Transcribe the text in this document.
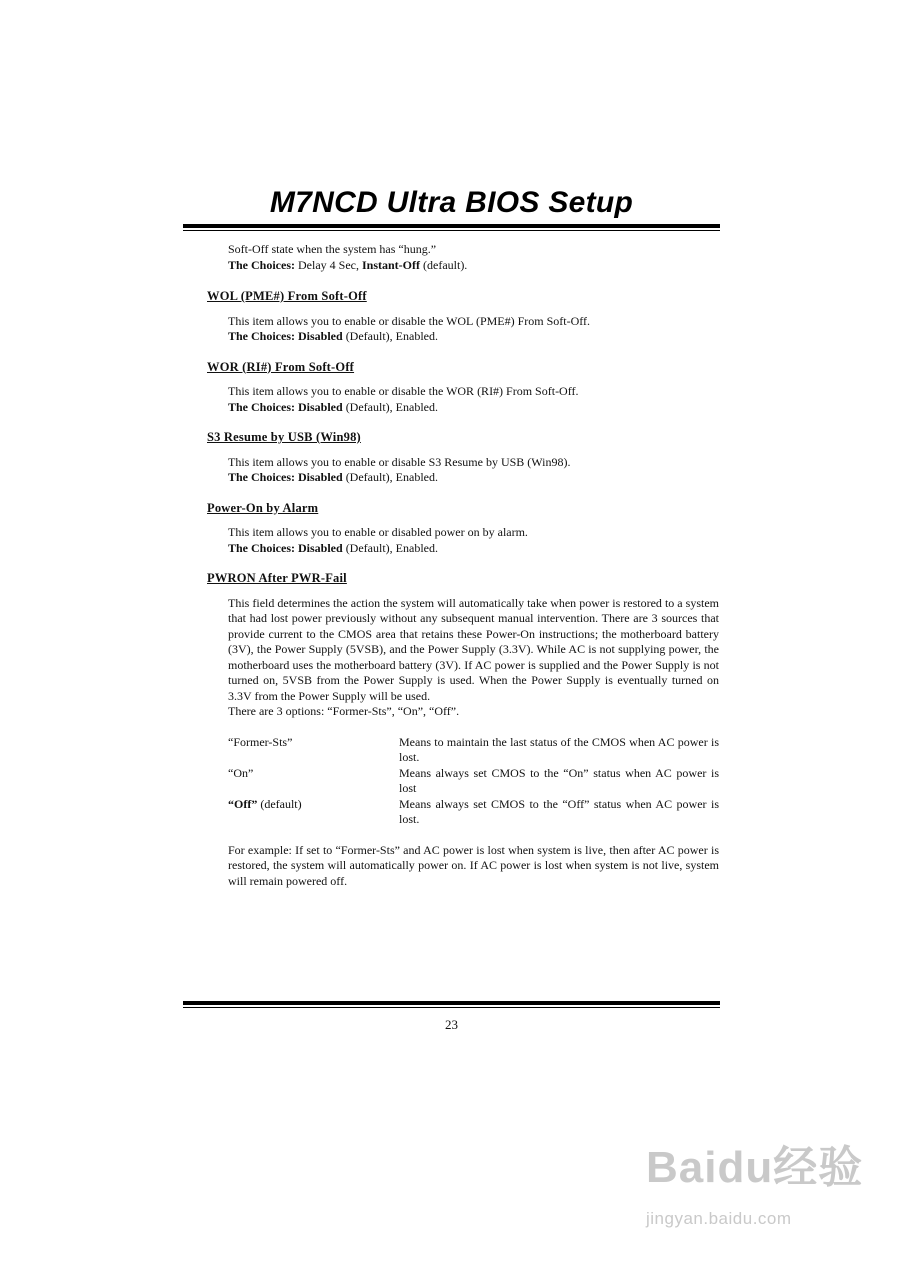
M7NCD Ultra BIOS Setup

Soft-Off state when the system has “hung.”

The Choices: Delay 4 Sec, Instant-Off (default).

WOL (PME#) From Soft-Off

This item allows you to enable or disable the WOL (PME#) From Soft-Off.

The Choices: Disabled (Default), Enabled.

WOR (RI#) From Soft-Off

This item allows you to enable or disable the WOR (RI#) From Soft-Off.

The Choices: Disabled (Default), Enabled.

S3 Resume by USB (Win98)

This item allows you to enable or disable S3 Resume by USB (Win98).

The Choices: Disabled (Default), Enabled.

Power-On by Alarm

This item allows you to enable or disabled power on by alarm.

The Choices: Disabled (Default), Enabled.

PWRON After PWR-Fail

This field determines the action the system will automatically take when power is restored to a system that had lost power previously without any subsequent manual intervention. There are 3 sources that provide current to the CMOS area that retains these Power-On instructions; the motherboard battery (3V), the Power Supply (5VSB), and the Power Supply (3.3V). While AC is not supplying power, the motherboard uses the motherboard battery (3V). If AC power is supplied and the Power Supply is not turned on, 5VSB from the Power Supply is used. When the Power Supply is eventually turned on 3.3V from the Power Supply will be used.

There are 3 options: “Former-Sts”, “On”, “Off”.

“Former-Sts”	Means to maintain the last status of the CMOS when AC power is lost.
“On”	Means always set CMOS to the “On” status when AC power is lost
“Off” (default)	Means always set CMOS to the “Off” status when AC power is lost.

For example: If set to “Former-Sts” and AC power is lost when system is live, then after AC power is restored, the system will automatically power on. If AC power is lost when system is not live, system will remain powered off.

23
Baidu经验
jingyan.baidu.com
